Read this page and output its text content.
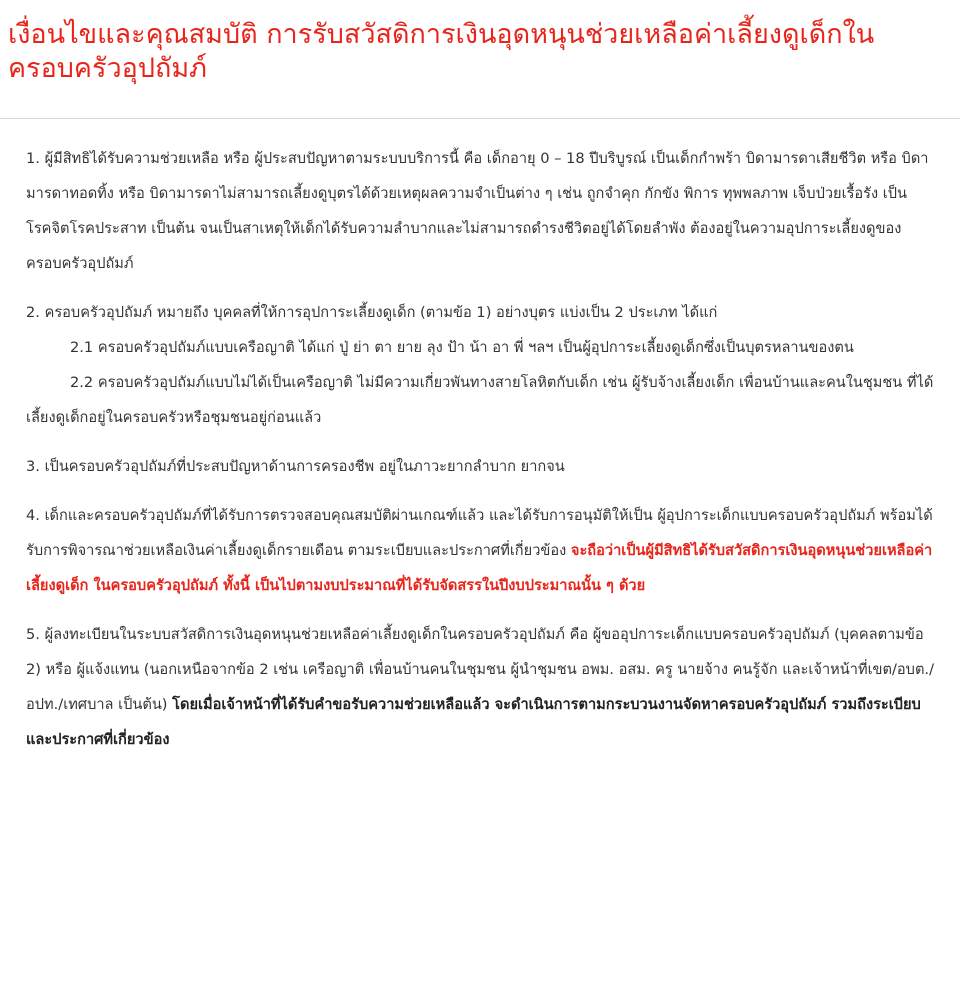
เงื่อนไขและคุณสมบัติ การรับสวัสดิการเงินอุดหนุนช่วยเหลือค่าเลี้ยงดูเด็กในครอบครัวอุปถัมภ์

1. ผู้มีสิทธิได้รับความช่วยเหลือ หรือ ผู้ประสบปัญหาตามระบบบริการนี้ คือ เด็กอายุ 0 – 18 ปีบริบูรณ์ เป็นเด็กกำพร้า บิดามารดาเสียชีวิต หรือ บิดามารดาทอดทิ้ง หรือ บิดามารดาไม่สามารถเลี้ยงดูบุตรได้ด้วยเหตุผลความจำเป็นต่าง ๆ เช่น ถูกจำคุก กักขัง พิการ ทุพพลภาพ เจ็บป่วยเรื้อรัง เป็นโรคจิตโรคประสาท เป็นต้น จนเป็นสาเหตุให้เด็กได้รับความลำบากและไม่สามารถดำรงชีวิตอยู่ได้โดยลำพัง ต้องอยู่ในความอุปการะเลี้ยงดูของครอบครัวอุปถัมภ์

2. ครอบครัวอุปถัมภ์ หมายถึง บุคคลที่ให้การอุปการะเลี้ยงดูเด็ก (ตามข้อ 1) อย่างบุตร แบ่งเป็น 2 ประเภท ได้แก่

2.1 ครอบครัวอุปถัมภ์แบบเครือญาติ ได้แก่ ปู่ ย่า ตา ยาย ลุง ป้า น้า อา พี่ ฯลฯ เป็นผู้อุปการะเลี้ยงดูเด็กซึ่งเป็นบุตรหลานของตน

2.2 ครอบครัวอุปถัมภ์แบบไม่ได้เป็นเครือญาติ ไม่มีความเกี่ยวพันทางสายโลหิตกับเด็ก เช่น ผู้รับจ้างเลี้ยงเด็ก เพื่อนบ้านและคนในชุมชน ที่ได้เลี้ยงดูเด็กอยู่ในครอบครัวหรือชุมชนอยู่ก่อนแล้ว

3. เป็นครอบครัวอุปถัมภ์ที่ประสบปัญหาด้านการครองชีพ อยู่ในภาวะยากลำบาก ยากจน

4. เด็กและครอบครัวอุปถัมภ์ที่ได้รับการตรวจสอบคุณสมบัติผ่านเกณฑ์แล้ว และได้รับการอนุมัติให้เป็น ผู้อุปการะเด็กแบบครอบครัวอุปถัมภ์ พร้อมได้รับการพิจารณาช่วยเหลือเงินค่าเลี้ยงดูเด็กรายเดือน ตามระเบียบและประกาศที่เกี่ยวข้อง จะถือว่าเป็นผู้มีสิทธิได้รับสวัสดิการเงินอุดหนุนช่วยเหลือค่าเลี้ยงดูเด็ก ในครอบครัวอุปถัมภ์ ทั้งนี้ เป็นไปตามงบประมาณที่ได้รับจัดสรรในปีงบประมาณนั้น ๆ ด้วย

5. ผู้ลงทะเบียนในระบบสวัสดิการเงินอุดหนุนช่วยเหลือค่าเลี้ยงดูเด็กในครอบครัวอุปถัมภ์ คือ ผู้ขออุปการะเด็กแบบครอบครัวอุปถัมภ์ (บุคคลตามข้อ 2) หรือ ผู้แจ้งแทน (นอกเหนือจากข้อ 2 เช่น เครือญาติ เพื่อนบ้านคนในชุมชน ผู้นำชุมชน อพม. อสม. ครู นายจ้าง คนรู้จัก และเจ้าหน้าที่เขต/อบต./อปท./เทศบาล เป็นต้น) โดยเมื่อเจ้าหน้าที่ได้รับคำขอรับความช่วยเหลือแล้ว จะดำเนินการตามกระบวนงานจัดหาครอบครัวอุปถัมภ์ รวมถึงระเบียบและประกาศที่เกี่ยวข้อง
